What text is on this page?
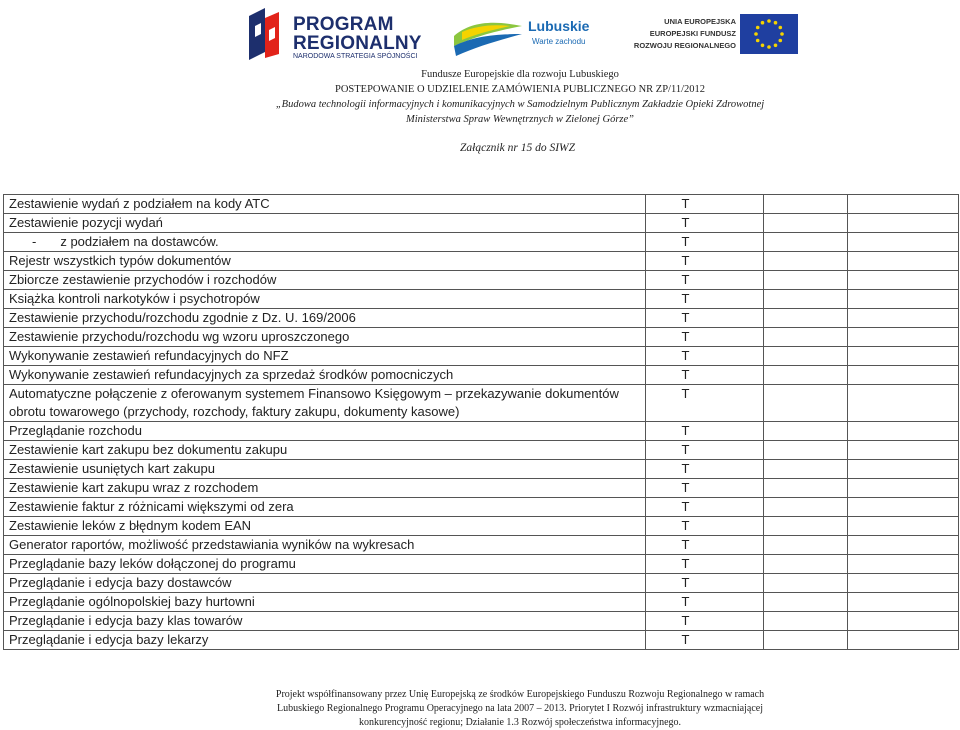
PROGRAM
REGIONALNY
NARODOWA STRATEGIA SPÓJNOŚCI
Lubuskie
Warte zachodu
UNIA EUROPEJSKA
EUROPEJSKI FUNDUSZ
ROZWOJU REGIONALNEGO
Fundusze Europejskie dla rozwoju Lubuskiego
POSTEPOWANIE O UDZIELENIE ZAMÓWIENIA PUBLICZNEGO NR ZP/11/2012
„Budowa technologii informacyjnych i komunikacyjnych w Samodzielnym Publicznym Zakładzie Opieki Zdrowotnej
Ministerstwa Spraw Wewnętrznych w Zielonej Górze”
Załącznik nr 15 do SIWZ
Zestawienie wydań z podziałem na kody ATC	T		
Zestawienie pozycji wydań	T		
- z podziałem na dostawców.	T		
Rejestr wszystkich typów dokumentów	T		
Zbiorcze zestawienie przychodów i rozchodów	T		
Książka kontroli narkotyków i psychotropów	T		
Zestawienie przychodu/rozchodu zgodnie z Dz. U. 169/2006	T		
Zestawienie przychodu/rozchodu wg wzoru uproszczonego	T		
Wykonywanie zestawień refundacyjnych do NFZ	T		
Wykonywanie zestawień refundacyjnych za sprzedaż środków pomocniczych	T		
Automatyczne połączenie z oferowanym systemem Finansowo Księgowym – przekazywanie dokumentów
obrotu towarowego (przychody, rozchody, faktury zakupu, dokumenty kasowe)	T		
Przeglądanie rozchodu	T		
Zestawienie kart zakupu bez dokumentu zakupu	T		
Zestawienie usuniętych kart zakupu	T		
Zestawienie kart zakupu wraz z rozchodem	T		
Zestawienie faktur z różnicami większymi od zera	T		
Zestawienie leków z błędnym kodem EAN	T		
Generator raportów, możliwość przedstawiania wyników na wykresach	T		
Przeglądanie bazy leków dołączonej do programu	T		
Przeglądanie i edycja bazy dostawców	T		
Przeglądanie ogólnopolskiej bazy hurtowni	T		
Przeglądanie i edycja bazy klas towarów	T		
Przeglądanie i edycja bazy lekarzy	T		
Projekt współfinansowany przez Unię Europejską ze środków Europejskiego Funduszu Rozwoju Regionalnego w ramach
Lubuskiego Regionalnego Programu Operacyjnego na lata 2007 – 2013. Priorytet I Rozwój infrastruktury wzmacniającej
konkurencyjność regionu; Działanie 1.3 Rozwój społeczeństwa informacyjnego.
